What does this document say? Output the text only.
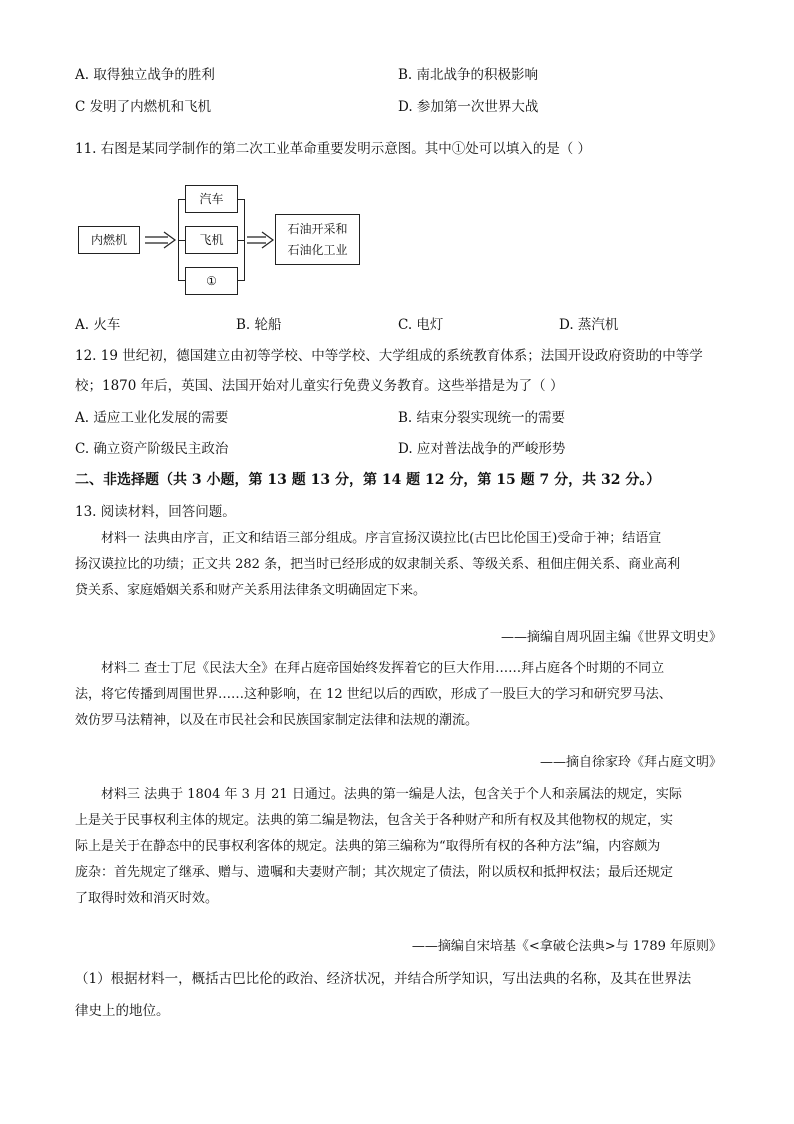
A. 取得独立战争的胜利	B. 南北战争的积极影响
C 发明了内燃机和飞机	D. 参加第一次世界大战
11. 右图是某同学制作的第二次工业革命重要发明示意图。其中①处可以填入的是（ ）
内燃机
汽车
飞机
①
石油开采和
石油化工业
A. 火车	B. 轮船	C. 电灯	D. 蒸汽机
12. 19 世纪初，德国建立由初等学校、中等学校、大学组成的系统教育体系；法国开设政府资助的中等学
校；1870 年后，英国、法国开始对儿童实行免费义务教育。这些举措是为了（ ）
A. 适应工业化发展的需要	B. 结束分裂实现统一的需要
C. 确立资产阶级民主政治	D. 应对普法战争的严峻形势
二、非选择题（共 3 小题，第 13 题 13 分，第 14 题 12 分，第 15 题 7 分，共 32 分。）
13. 阅读材料，回答问题。
材料一 法典由序言，正文和结语三部分组成。序言宣扬汉谟拉比(古巴比伦国王)受命于神；结语宣
扬汉谟拉比的功绩；正文共 282 条，把当时已经形成的奴隶制关系、等级关系、租佃庄佣关系、商业高利
贷关系、家庭婚姻关系和财产关系用法律条文明确固定下来。
——摘编自周巩固主编《世界文明史》
材料二 查士丁尼《民法大全》在拜占庭帝国始终发挥着它的巨大作用……拜占庭各个时期的不同立
法，将它传播到周围世界……这种影响，在 12 世纪以后的西欧，形成了一股巨大的学习和研究罗马法、
效仿罗马法精神，以及在市民社会和民族国家制定法律和法规的潮流。
——摘自徐家玲《拜占庭文明》
材料三 法典于 1804 年 3 月 21 日通过。法典的第一编是人法，包含关于个人和亲属法的规定，实际
上是关于民事权利主体的规定。法典的第二编是物法，包含关于各种财产和所有权及其他物权的规定，实
际上是关于在静态中的民事权利客体的规定。法典的第三编称为“取得所有权的各种方法”编，内容颇为
庞杂：首先规定了继承、赠与、遗嘱和夫妻财产制；其次规定了债法，附以质权和抵押权法；最后还规定
了取得时效和消灭时效。
——摘编自宋培基《<拿破仑法典>与 1789 年原则》
（1）根据材料一，概括古巴比伦的政治、经济状况，并结合所学知识，写出法典的名称，及其在世界法
律史上的地位。
